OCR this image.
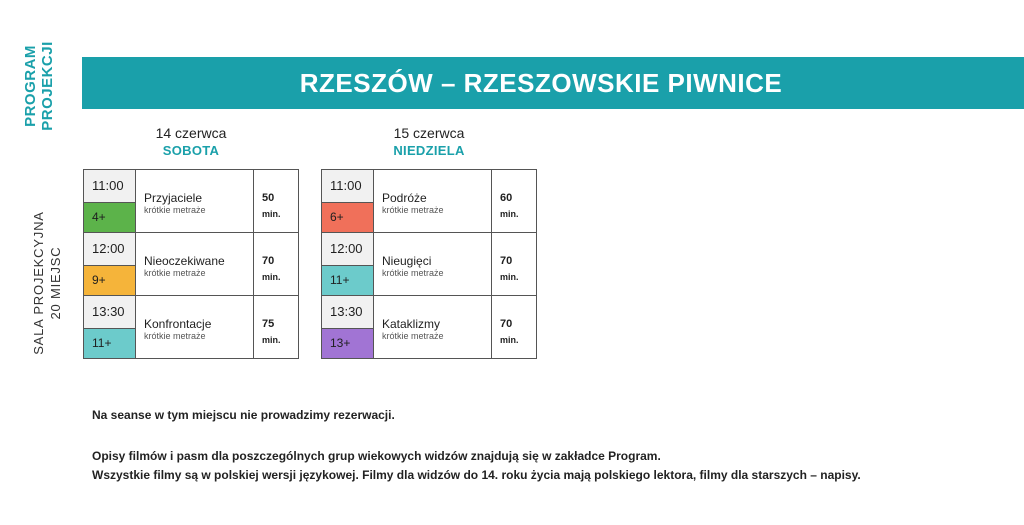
PROGRAM PROJEKCJI
SALA PROJEKCYJNA 20 MIEJSC
RZESZÓW – RZESZOWSKIE PIWNICE
14 czerwca
SOBOTA
15 czerwca
NIEDZIELA
11:00
4+
Przyjaciele
krótkie metraże
50
min.
12:00
9+
Nieoczekiwane
krótkie metraże
70
min.
13:30
11+
Konfrontacje
krótkie metraże
75
min.
11:00
6+
Podróże
krótkie metraże
60
min.
12:00
11+
Nieugięci
krótkie metraże
70
min.
13:30
13+
Kataklizmy
krótkie metraże
70
min.
Na seanse w tym miejscu nie prowadzimy rezerwacji.
Opisy filmów i pasm dla poszczególnych grup wiekowych widzów znajdują się w zakładce Program.
Wszystkie filmy są w polskiej wersji językowej. Filmy dla widzów do 14. roku życia mają polskiego lektora, filmy dla starszych – napisy.
